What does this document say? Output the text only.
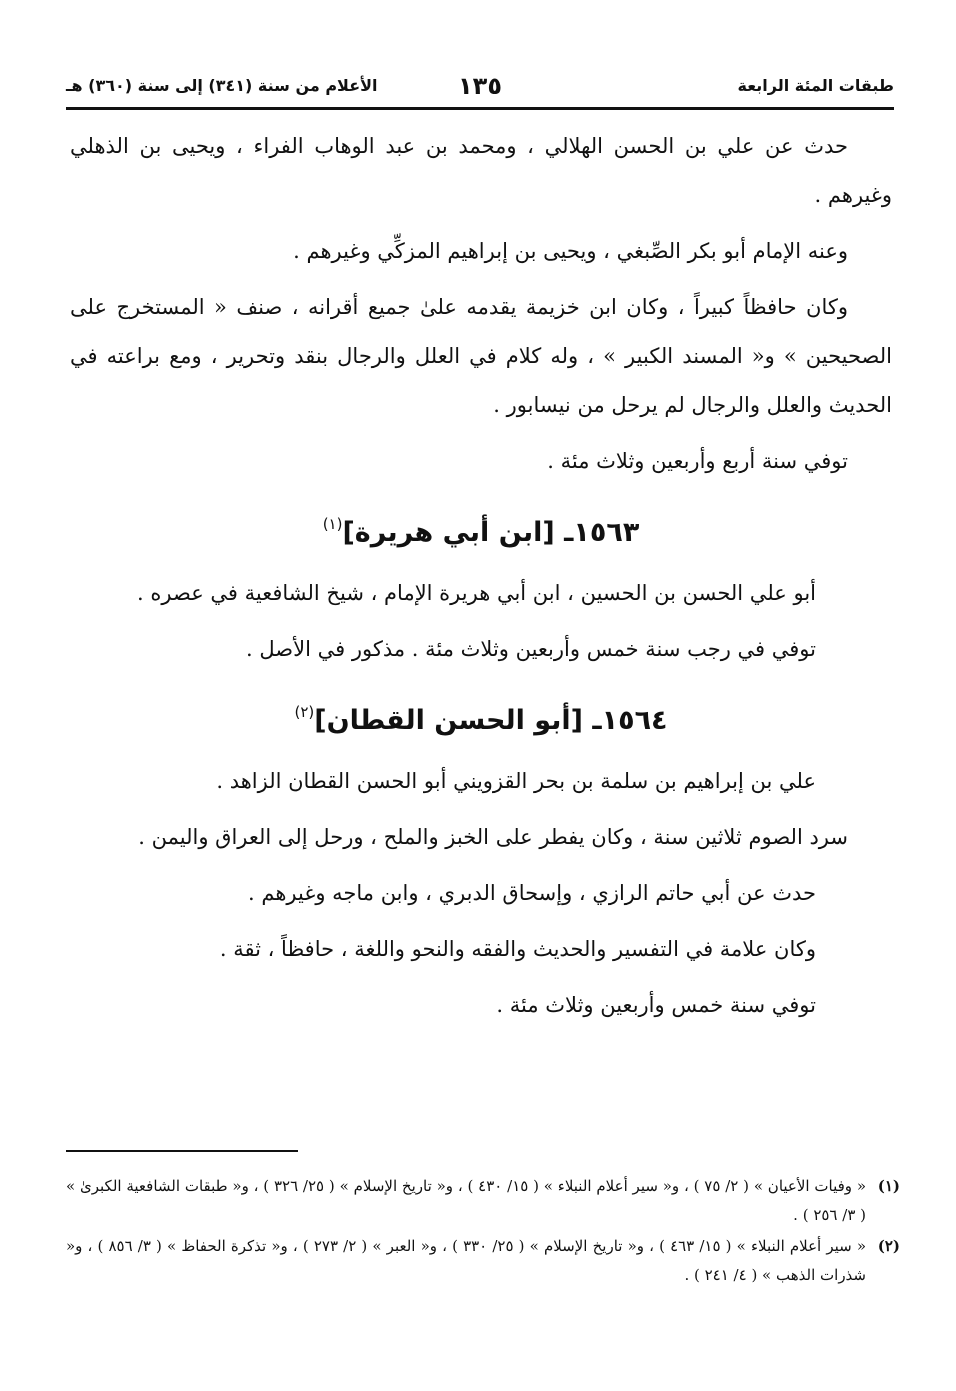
طبقات المئة الرابعة
١٣٥
الأعلام من سنة (٣٤١) إلى سنة (٣٦٠) هـ

حدث عن علي بن الحسن الهلالي ، ومحمد بن عبد الوهاب الفراء ، ويحيى بن الذهلي وغيرهم .

وعنه الإمام أبو بكر الصِّبغي ، ويحيى بن إبراهيم المزكِّي وغيرهم .

وكان حافظاً كبيراً ، وكان ابن خزيمة يقدمه علىٰ جميع أقرانه ، صنف « المستخرج على الصحيحين » و« المسند الكبير » ، وله كلام في العلل والرجال بنقد وتحرير ، ومع براعته في الحديث والعلل والرجال لم يرحل من نيسابور .

توفي سنة أربع وأربعين وثلاث مئة .

١٥٦٣ـ [ابن أبي هريرة]$^{(١)}$

أبو علي الحسن بن الحسين ، ابن أبي هريرة الإمام ، شيخ الشافعية في عصره .

توفي في رجب سنة خمس وأربعين وثلاث مئة . مذكور في الأصل .

١٥٦٤ـ [أبو الحسن القطان]$^{(٢)}$

علي بن إبراهيم بن سلمة بن بحر القزويني أبو الحسن القطان الزاهد .

سرد الصوم ثلاثين سنة ، وكان يفطر على الخبز والملح ، ورحل إلى العراق واليمن .

حدث عن أبي حاتم الرازي ، وإسحاق الدبري ، وابن ماجه وغيرهم .

وكان علامة في التفسير والحديث والفقه والنحو واللغة ، حافظاً ، ثقة .

توفي سنة خمس وأربعين وثلاث مئة .

(١)
« وفيات الأعيان » ( ٢/ ٧٥ ) ، و« سير أعلام النبلاء » ( ١٥/ ٤٣٠ ) ، و« تاريخ الإسلام » ( ٢٥/ ٣٢٦ ) ، و« طبقات الشافعية الكبرىٰ » ( ٣/ ٢٥٦ ) .
(٢)
« سير أعلام النبلاء » ( ١٥/ ٤٦٣ ) ، و« تاريخ الإسلام » ( ٢٥/ ٣٣٠ ) ، و« العبر » ( ٢/ ٢٧٣ ) ، و« تذكرة الحفاظ » ( ٣/ ٨٥٦ ) ، و« شذرات الذهب » ( ٤/ ٢٤١ ) .
